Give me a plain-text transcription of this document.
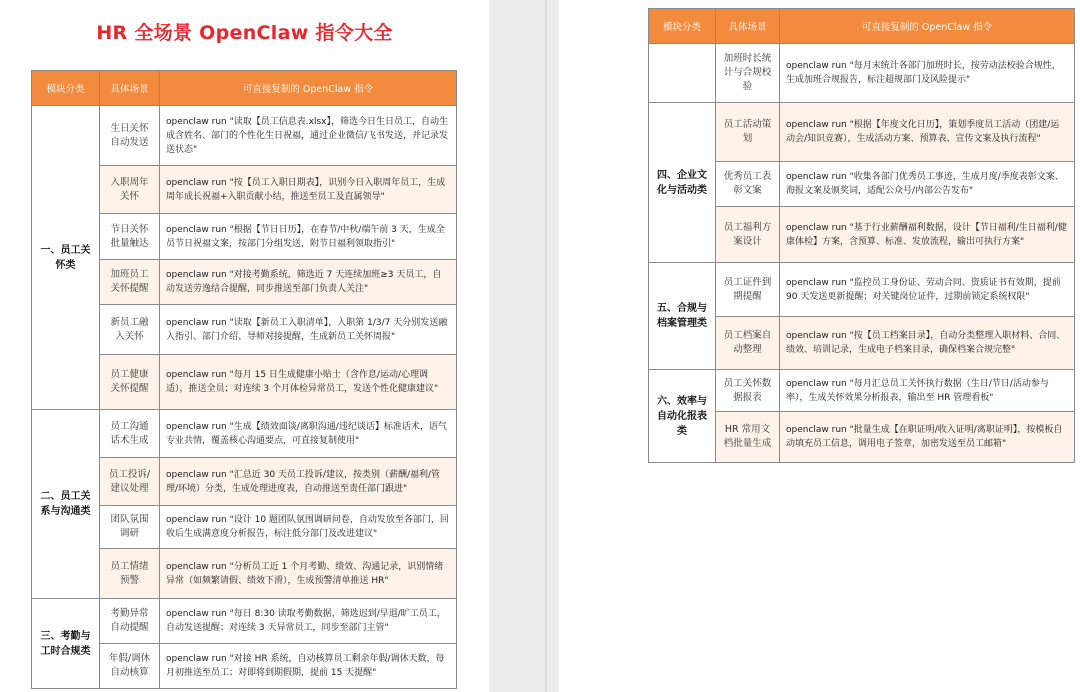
HR 全场景 OpenClaw 指令大全
模块分类	具体场景	可直接复制的 OpenClaw 指令
一、员工关怀类	生日关怀自动发送	openclaw run "读取【员工信息表.xlsx】，筛选今日生日员工，自动生成含姓名、部门的个性化生日祝福，通过企业微信/飞书发送，并记录发送状态"
	入职周年关怀	openclaw run "按【员工入职日期表】，识别今日入职周年员工，生成周年成长祝福+入职贡献小结，推送至员工及直属领导"
	节日关怀批量触达	openclaw run "根据【节日日历】，在春节/中秋/端午前 3 天，生成全员节日祝福文案，按部门分组发送，附节日福利领取指引"
	加班员工关怀提醒	openclaw run "对接考勤系统，筛选近 7 天连续加班≥3 天员工，自动发送劳逸结合提醒，同步推送至部门负责人关注"
	新员工融入关怀	openclaw run "读取【新员工入职清单】，入职第 1/3/7 天分别发送融入指引、部门介绍、导师对接提醒，生成新员工关怀周报"
	员工健康关怀提醒	openclaw run "每月 15 日生成健康小贴士（含作息/运动/心理调适），推送全员；对连续 3 个月体检异常员工，发送个性化健康建议"
二、员工关系与沟通类	员工沟通话术生成	openclaw run "生成【绩效面谈/离职沟通/违纪谈话】标准话术，语气专业共情，覆盖核心沟通要点，可直接复制使用"
	员工投诉/建议处理	openclaw run "汇总近 30 天员工投诉/建议，按类别（薪酬/福利/管理/环境）分类，生成处理进度表，自动推送至责任部门跟进"
	团队氛围调研	openclaw run "设计 10 题团队氛围调研问卷，自动发放至各部门，回收后生成满意度分析报告，标注低分部门及改进建议"
	员工情绪预警	openclaw run "分析员工近 1 个月考勤、绩效、沟通记录，识别情绪异常（如频繁请假、绩效下滑），生成预警清单推送 HR"
三、考勤与工时合规类	考勤异常自动提醒	openclaw run "每日 8:30 读取考勤数据，筛选迟到/早退/旷工员工，自动发送提醒；对连续 3 天异常员工，同步至部门主管"
	年假/调休自动核算	openclaw run "对接 HR 系统，自动核算员工剩余年假/调休天数，每月初推送至员工；对即将到期假期，提前 15 天提醒"
模块分类	具体场景	可直接复制的 OpenClaw 指令
	加班时长统计与合规校验	openclaw run "每月末统计各部门加班时长，按劳动法校验合规性，生成加班合规报告，标注超规部门及风险提示"
四、企业文化与活动类	员工活动策划	openclaw run "根据【年度文化日历】，策划季度员工活动（团建/运动会/知识竞赛），生成活动方案、预算表、宣传文案及执行流程"
	优秀员工表彰文案	openclaw run "收集各部门优秀员工事迹，生成月度/季度表彰文案、海报文案及颁奖词，适配公众号/内部公告发布"
	员工福利方案设计	openclaw run "基于行业薪酬福利数据，设计【节日福利/生日福利/健康体检】方案，含预算、标准、发放流程，输出可执行方案"
五、合规与档案管理类	员工证件到期提醒	openclaw run "监控员工身份证、劳动合同、资质证书有效期，提前 90 天发送更新提醒；对关键岗位证件，过期前锁定系统权限"
	员工档案自动整理	openclaw run "按【员工档案目录】，自动分类整理入职材料、合同、绩效、培训记录，生成电子档案目录，确保档案合规完整"
六、效率与自动化报表类	员工关怀数据报表	openclaw run "每月汇总员工关怀执行数据（生日/节日/活动参与率），生成关怀效果分析报表，输出至 HR 管理看板"
	HR 常用文档批量生成	openclaw run "批量生成【在职证明/收入证明/离职证明】，按模板自动填充员工信息，调用电子签章，加密发送至员工邮箱"
